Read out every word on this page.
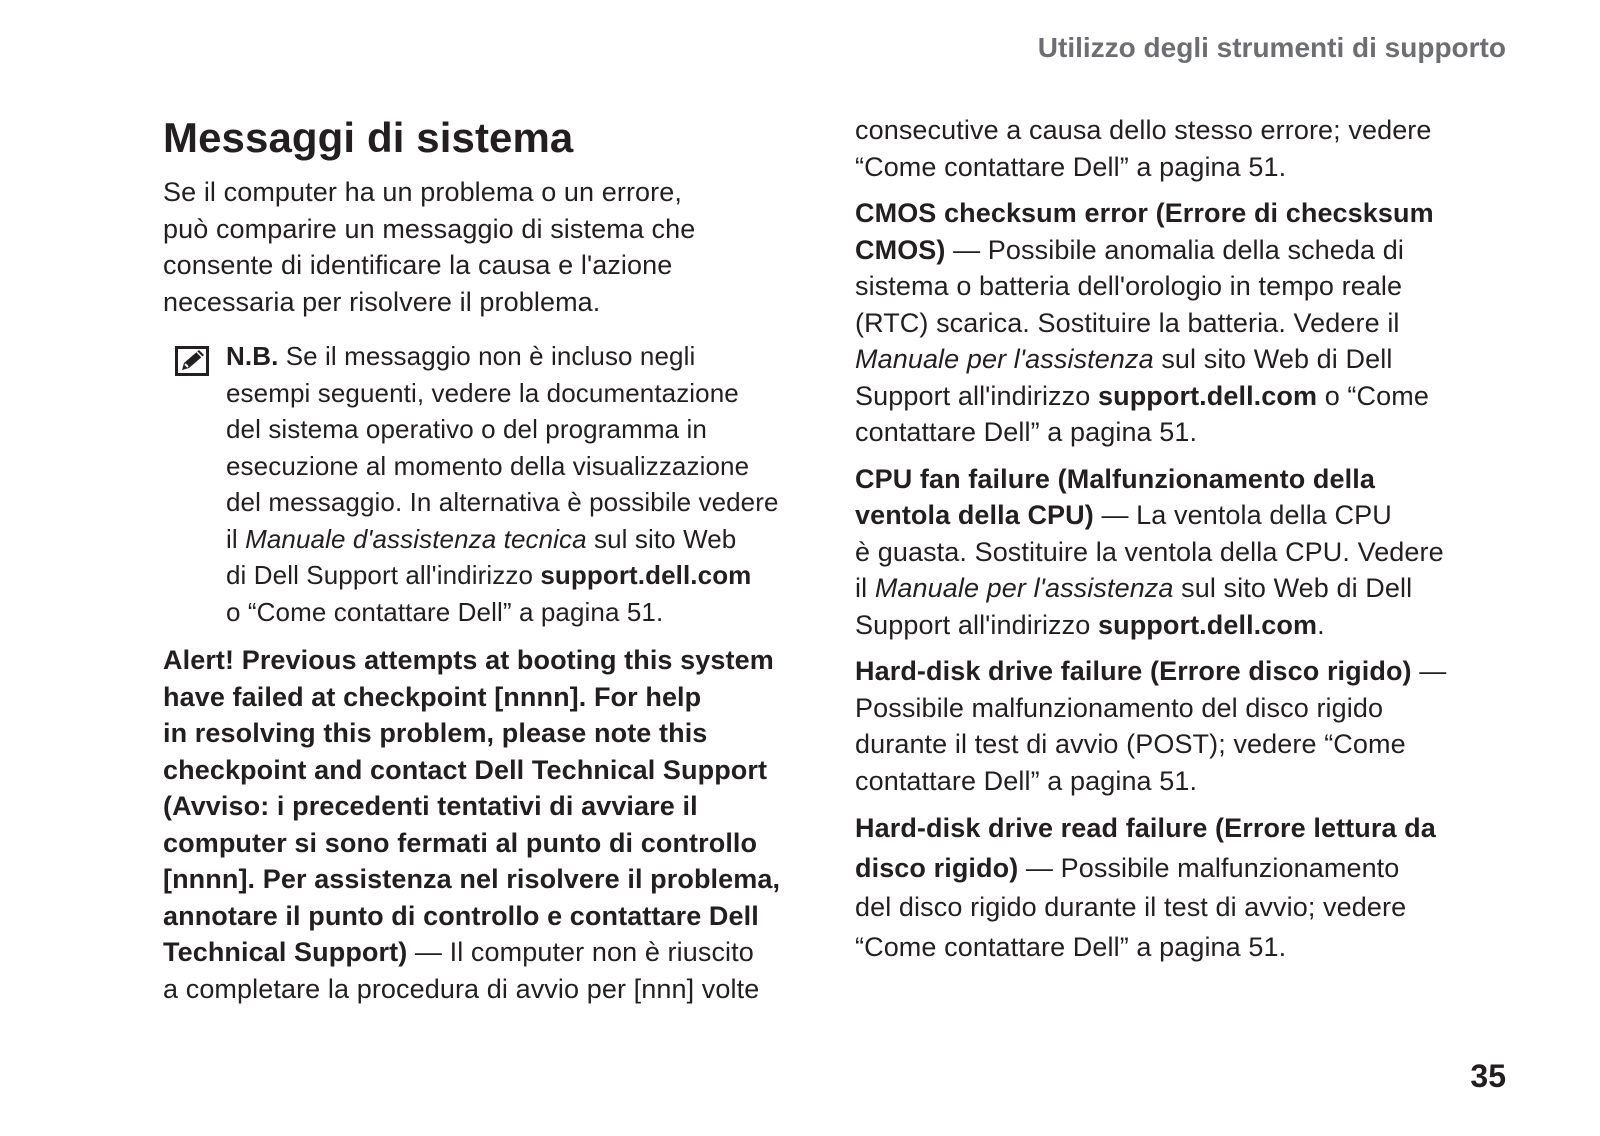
Utilizzo degli strumenti di supporto
Messaggi di sistema

Se il computer ha un problema o un errore,
può comparire un messaggio di sistema che
consente di identificare la causa e l'azione
necessaria per risolvere il problema.

N.B. Se il messaggio non è incluso negli
esempi seguenti, vedere la documentazione
del sistema operativo o del programma in
esecuzione al momento della visualizzazione
del messaggio. In alternativa è possibile vedere
il Manuale d'assistenza tecnica sul sito Web
di Dell Support all'indirizzo support.dell.com
o “Come contattare Dell” a pagina 51.

Alert! Previous attempts at booting this system
have failed at checkpoint [nnnn]. For help
in resolving this problem, please note this
checkpoint and contact Dell Technical Support
(Avviso: i precedenti tentativi di avviare il
computer si sono fermati al punto di controllo
[nnnn]. Per assistenza nel risolvere il problema,
annotare il punto di controllo e contattare Dell
Technical Support) — Il computer non è riuscito
a completare la procedura di avvio per [nnn] volte

consecutive a causa dello stesso errore; vedere
“Come contattare Dell” a pagina 51.

CMOS checksum error (Errore di checsksum
CMOS) — Possibile anomalia della scheda di
sistema o batteria dell'orologio in tempo reale
(RTC) scarica. Sostituire la batteria. Vedere il
Manuale per l'assistenza sul sito Web di Dell
Support all'indirizzo support.dell.com o “Come
contattare Dell” a pagina 51.

CPU fan failure (Malfunzionamento della
ventola della CPU) — La ventola della CPU
è guasta. Sostituire la ventola della CPU. Vedere
il Manuale per l'assistenza sul sito Web di Dell
Support all'indirizzo support.dell.com.

Hard-disk drive failure (Errore disco rigido) —
Possibile malfunzionamento del disco rigido
durante il test di avvio (POST); vedere “Come
contattare Dell” a pagina 51.

Hard-disk drive read failure (Errore lettura da
disco rigido) — Possibile malfunzionamento
del disco rigido durante il test di avvio; vedere
“Come contattare Dell” a pagina 51.

35
